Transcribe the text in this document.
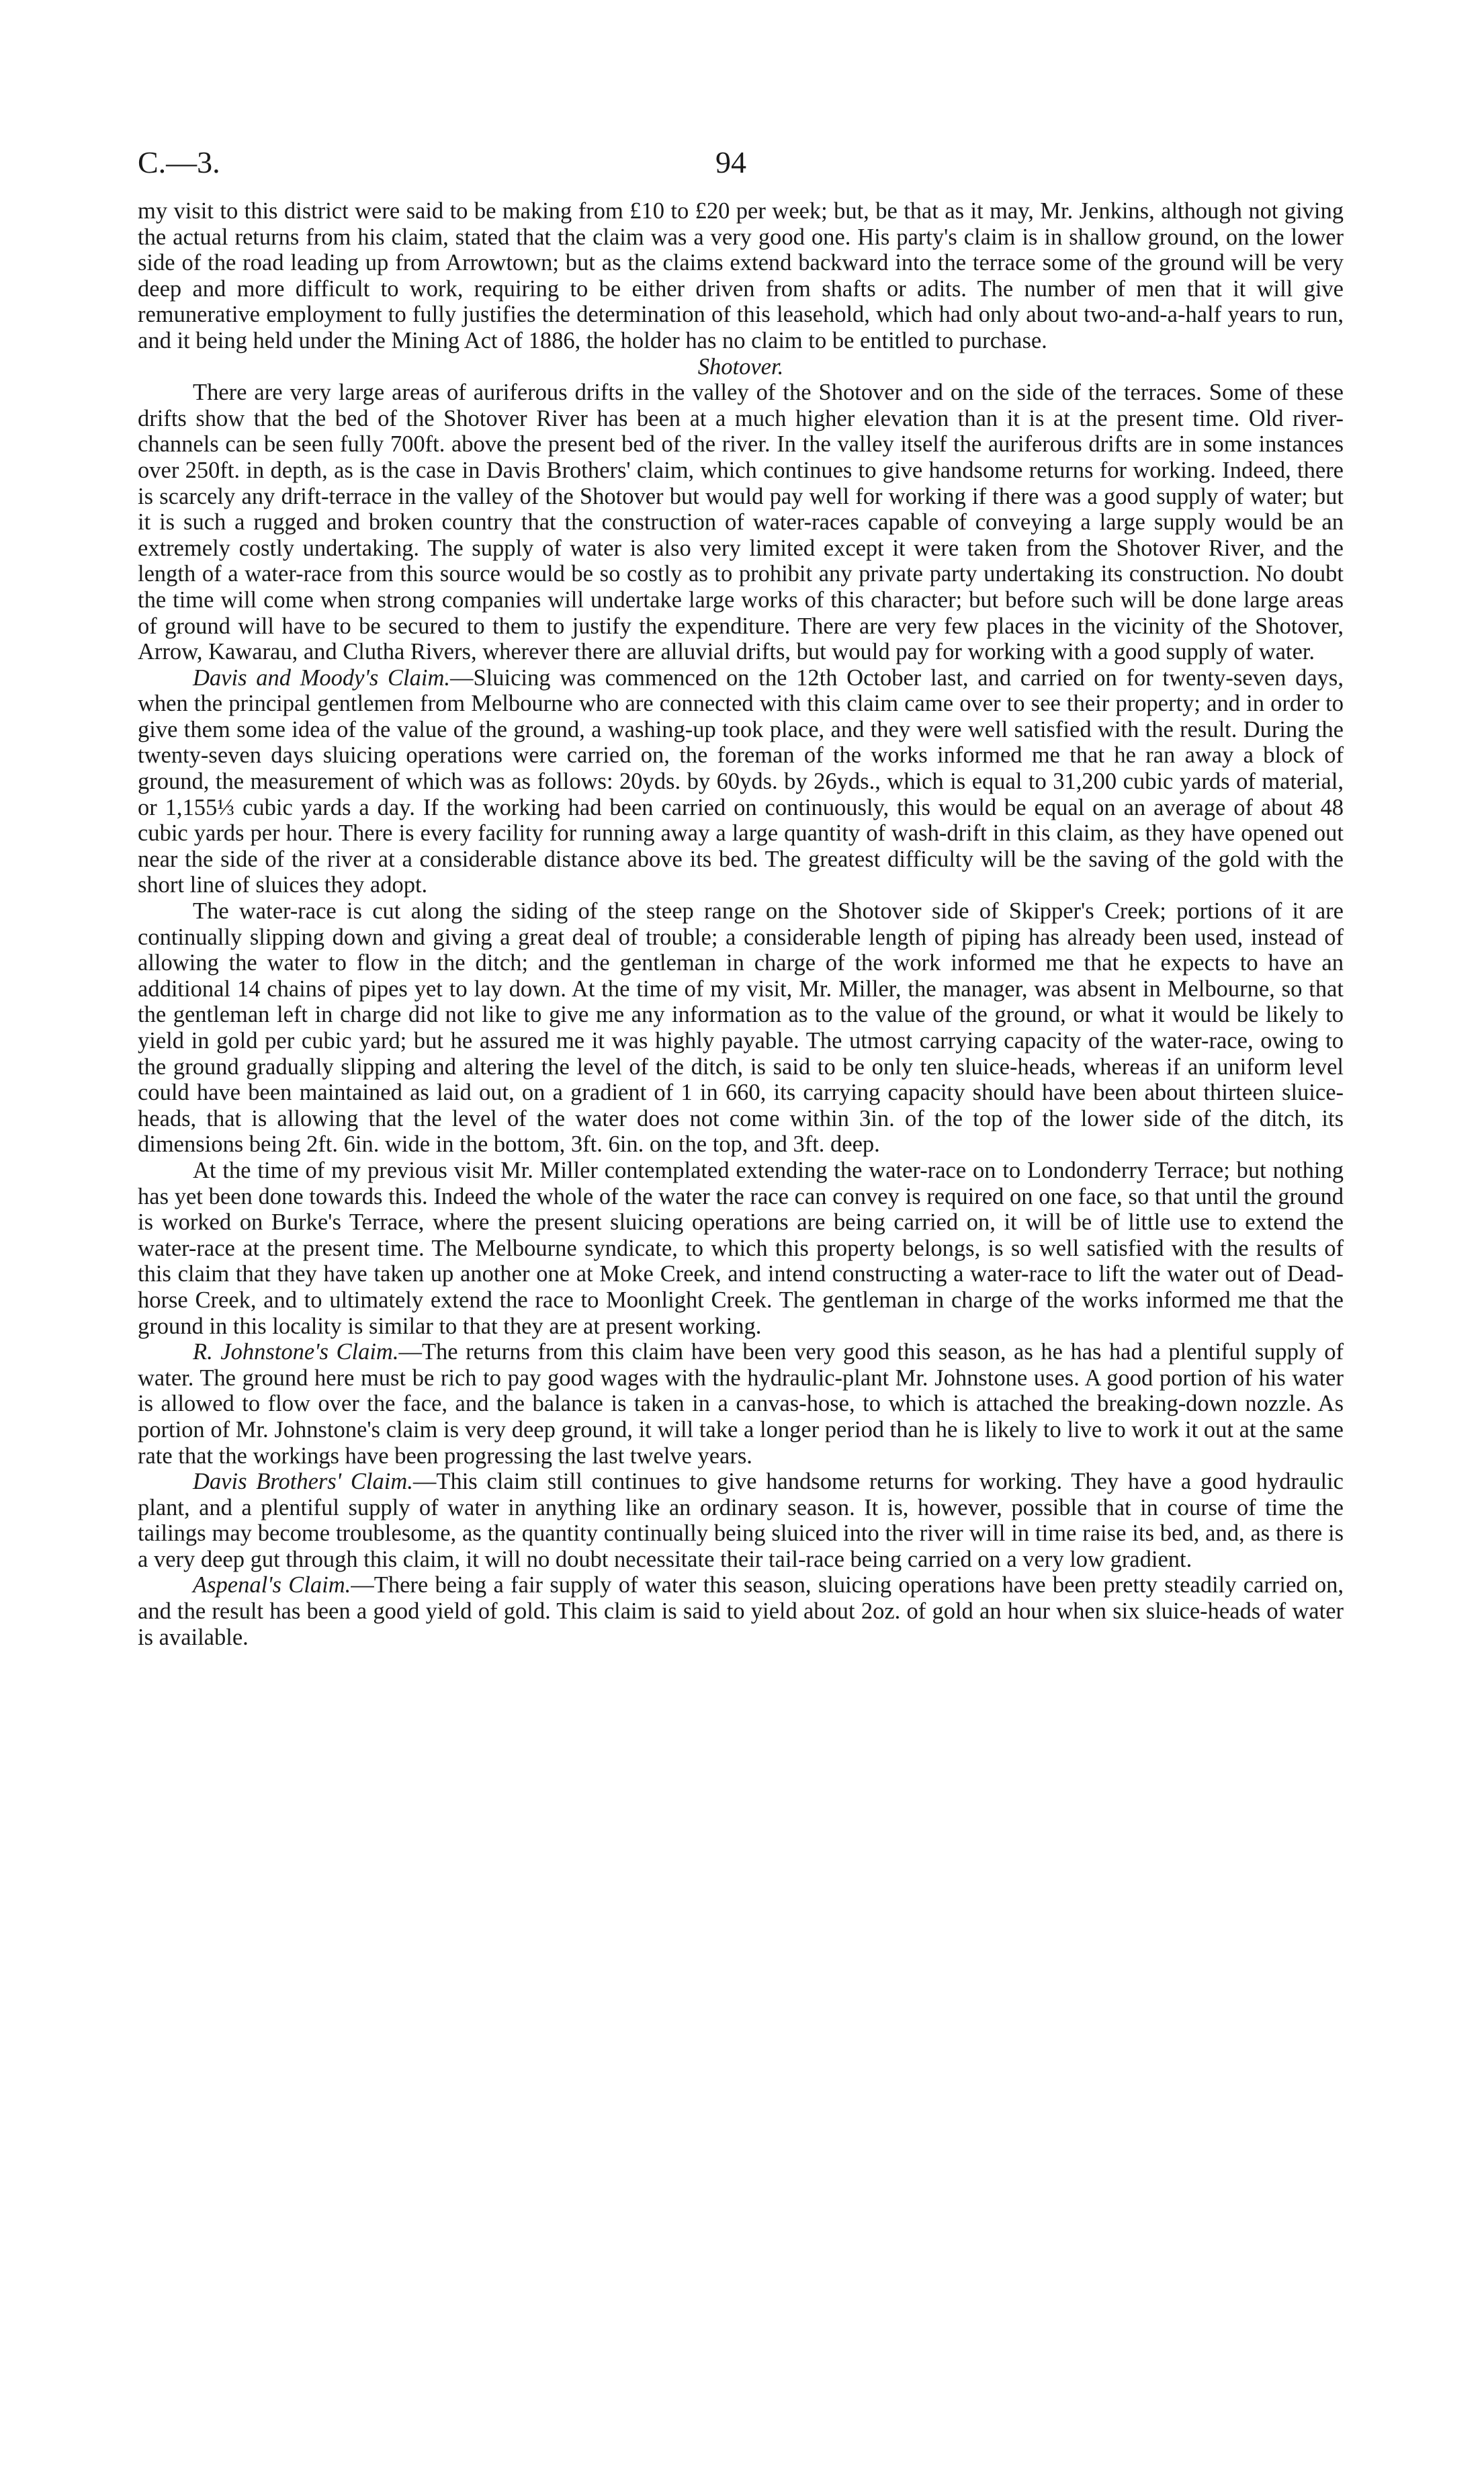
C.—3.	94

my visit to this district were said to be making from £10 to £20 per week; but, be that as it may, Mr. Jenkins, although not giving the actual returns from his claim, stated that the claim was a very good one. His party's claim is in shallow ground, on the lower side of the road leading up from Arrowtown; but as the claims extend backward into the terrace some of the ground will be very deep and more difficult to work, requiring to be either driven from shafts or adits. The number of men that it will give remunerative employment to fully justifies the determination of this leasehold, which had only about two-and-a-half years to run, and it being held under the Mining Act of 1886, the holder has no claim to be entitled to purchase.

Shotover.

There are very large areas of auriferous drifts in the valley of the Shotover and on the side of the terraces. Some of these drifts show that the bed of the Shotover River has been at a much higher elevation than it is at the present time. Old river-channels can be seen fully 700ft. above the present bed of the river. In the valley itself the auriferous drifts are in some instances over 250ft. in depth, as is the case in Davis Brothers' claim, which continues to give handsome returns for working. Indeed, there is scarcely any drift-terrace in the valley of the Shotover but would pay well for working if there was a good supply of water; but it is such a rugged and broken country that the construction of water-races capable of conveying a large supply would be an extremely costly undertaking. The supply of water is also very limited except it were taken from the Shotover River, and the length of a water-race from this source would be so costly as to prohibit any private party undertaking its construction. No doubt the time will come when strong companies will undertake large works of this character; but before such will be done large areas of ground will have to be secured to them to justify the expenditure. There are very few places in the vicinity of the Shotover, Arrow, Kawarau, and Clutha Rivers, wherever there are alluvial drifts, but would pay for working with a good supply of water.

Davis and Moody's Claim.—Sluicing was commenced on the 12th October last, and carried on for twenty-seven days, when the principal gentlemen from Melbourne who are connected with this claim came over to see their property; and in order to give them some idea of the value of the ground, a washing-up took place, and they were well satisfied with the result. During the twenty-seven days sluicing operations were carried on, the foreman of the works informed me that he ran away a block of ground, the measurement of which was as follows: 20yds. by 60yds. by 26yds., which is equal to 31,200 cubic yards of material, or 1,155⅓ cubic yards a day. If the working had been carried on continuously, this would be equal on an average of about 48 cubic yards per hour. There is every facility for running away a large quantity of wash-drift in this claim, as they have opened out near the side of the river at a considerable distance above its bed. The greatest difficulty will be the saving of the gold with the short line of sluices they adopt.

The water-race is cut along the siding of the steep range on the Shotover side of Skipper's Creek; portions of it are continually slipping down and giving a great deal of trouble; a considerable length of piping has already been used, instead of allowing the water to flow in the ditch; and the gentleman in charge of the work informed me that he expects to have an additional 14 chains of pipes yet to lay down. At the time of my visit, Mr. Miller, the manager, was absent in Melbourne, so that the gentleman left in charge did not like to give me any information as to the value of the ground, or what it would be likely to yield in gold per cubic yard; but he assured me it was highly payable. The utmost carrying capacity of the water-race, owing to the ground gradually slipping and altering the level of the ditch, is said to be only ten sluice-heads, whereas if an uniform level could have been maintained as laid out, on a gradient of 1 in 660, its carrying capacity should have been about thirteen sluice-heads, that is allowing that the level of the water does not come within 3in. of the top of the lower side of the ditch, its dimensions being 2ft. 6in. wide in the bottom, 3ft. 6in. on the top, and 3ft. deep.

At the time of my previous visit Mr. Miller contemplated extending the water-race on to Londonderry Terrace; but nothing has yet been done towards this. Indeed the whole of the water the race can convey is required on one face, so that until the ground is worked on Burke's Terrace, where the present sluicing operations are being carried on, it will be of little use to extend the water-race at the present time. The Melbourne syndicate, to which this property belongs, is so well satisfied with the results of this claim that they have taken up another one at Moke Creek, and intend constructing a water-race to lift the water out of Dead-horse Creek, and to ultimately extend the race to Moonlight Creek. The gentleman in charge of the works informed me that the ground in this locality is similar to that they are at present working.

R. Johnstone's Claim.—The returns from this claim have been very good this season, as he has had a plentiful supply of water. The ground here must be rich to pay good wages with the hydraulic-plant Mr. Johnstone uses. A good portion of his water is allowed to flow over the face, and the balance is taken in a canvas-hose, to which is attached the breaking-down nozzle. As portion of Mr. Johnstone's claim is very deep ground, it will take a longer period than he is likely to live to work it out at the same rate that the workings have been progressing the last twelve years.

Davis Brothers' Claim.—This claim still continues to give handsome returns for working. They have a good hydraulic plant, and a plentiful supply of water in anything like an ordinary season. It is, however, possible that in course of time the tailings may become troublesome, as the quantity continually being sluiced into the river will in time raise its bed, and, as there is a very deep gut through this claim, it will no doubt necessitate their tail-race being carried on a very low gradient.

Aspenal's Claim.—There being a fair supply of water this season, sluicing operations have been pretty steadily carried on, and the result has been a good yield of gold. This claim is said to yield about 2oz. of gold an hour when six sluice-heads of water is available.
